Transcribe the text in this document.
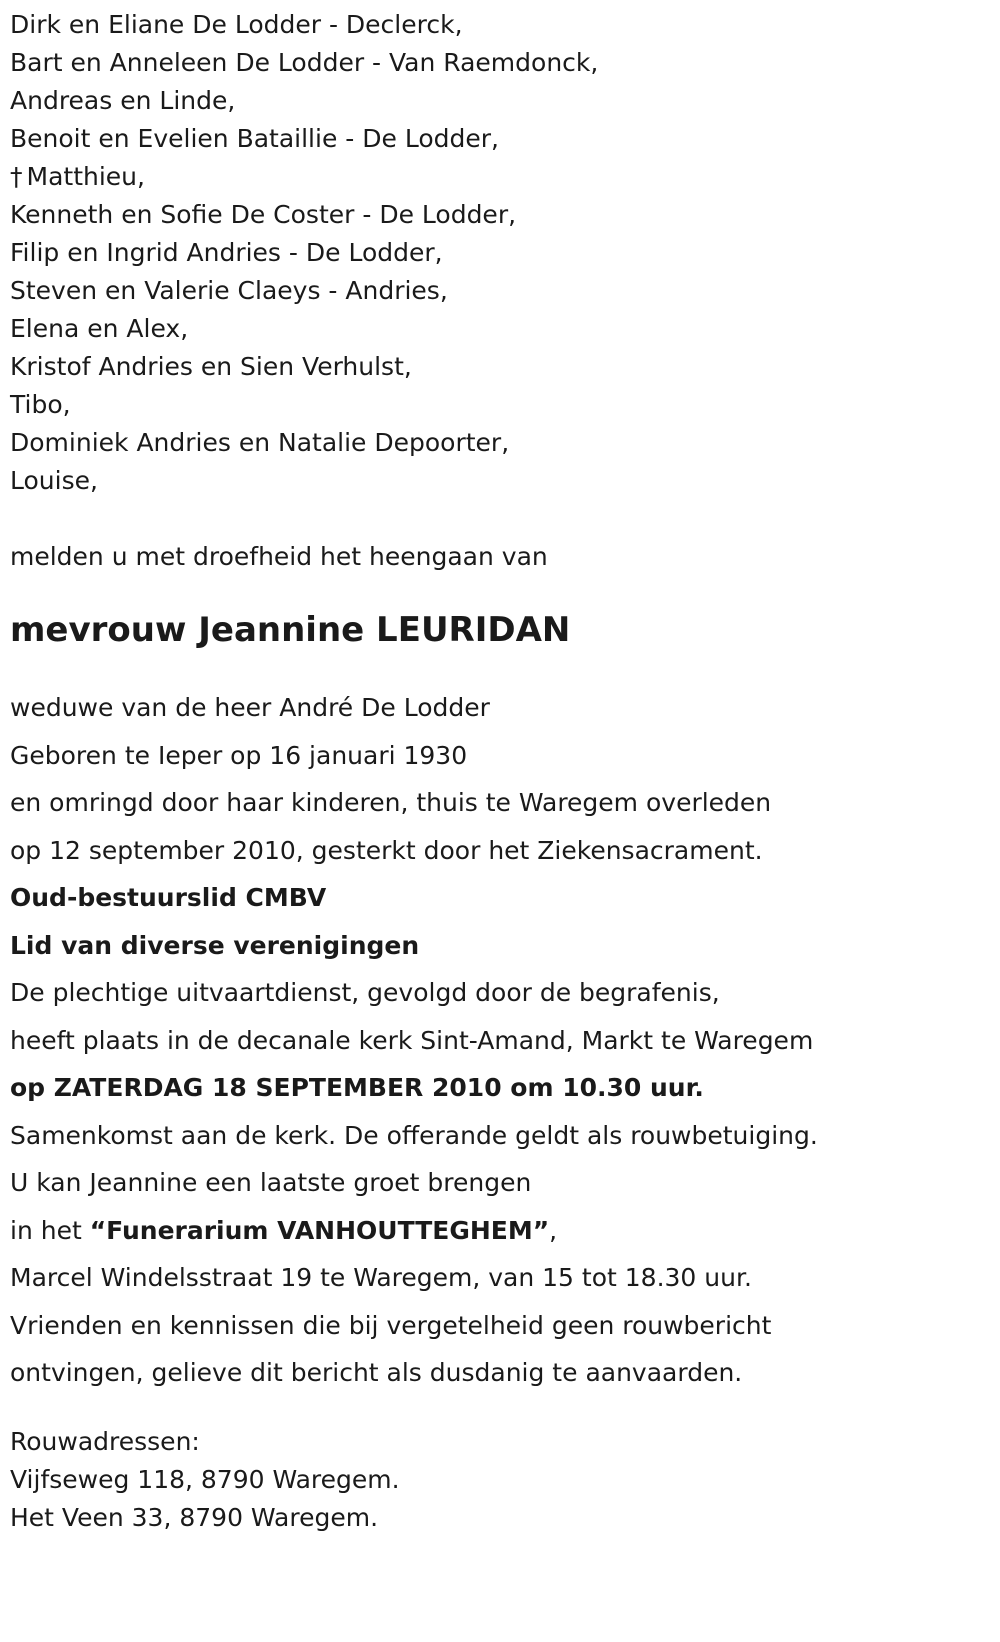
Dirk en Eliane De Lodder - Declerck,
Bart en Anneleen De Lodder - Van Raemdonck,
Andreas en Linde,
Benoit en Evelien Bataillie - De Lodder,
† Matthieu,
Kenneth en Sofie De Coster - De Lodder,
Filip en Ingrid Andries - De Lodder,
Steven en Valerie Claeys - Andries,
Elena en Alex,
Kristof Andries en Sien Verhulst,
Tibo,
Dominiek Andries en Natalie Depoorter,
Louise,
melden u met droefheid het heengaan van
mevrouw Jeannine LEURIDAN
weduwe van de heer André De Lodder
Geboren te Ieper op 16 januari 1930
en omringd door haar kinderen, thuis te Waregem overleden
op 12 september 2010, gesterkt door het Ziekensacrament.
Oud-bestuurslid CMBV
Lid van diverse verenigingen
De plechtige uitvaartdienst, gevolgd door de begrafenis,
heeft plaats in de decanale kerk Sint-Amand, Markt te Waregem
op ZATERDAG 18 SEPTEMBER 2010 om 10.30 uur.
Samenkomst aan de kerk. De offerande geldt als rouwbetuiging.
U kan Jeannine een laatste groet brengen
in het “Funerarium VANHOUTTEGHEM”,
Marcel Windelsstraat 19 te Waregem, van 15 tot 18.30 uur.
Vrienden en kennissen die bij vergetelheid geen rouwbericht
ontvingen, gelieve dit bericht als dusdanig te aanvaarden.
Rouwadressen:
Vijfseweg 118, 8790 Waregem.
Het Veen 33, 8790 Waregem.
